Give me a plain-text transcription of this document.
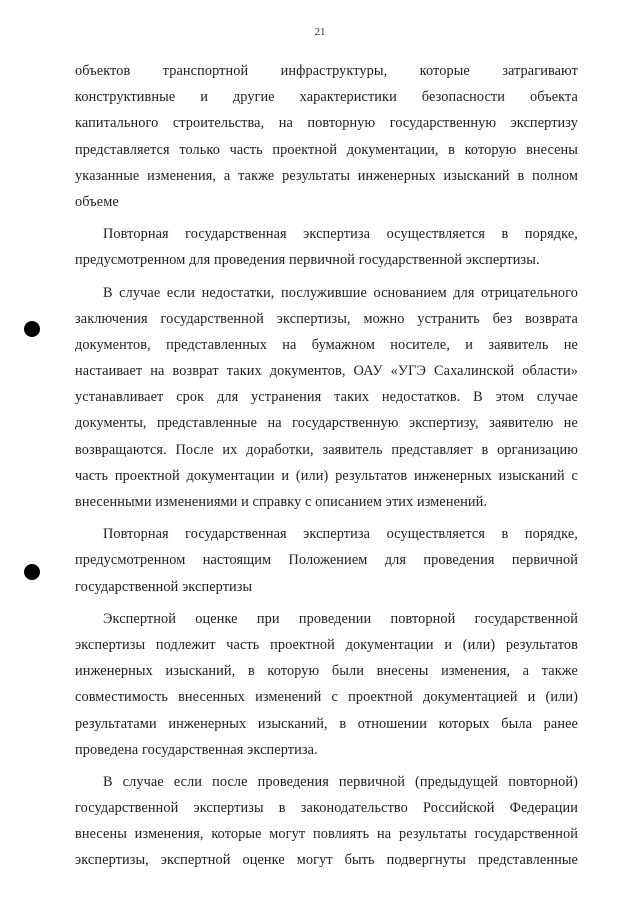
21

объектов транспортной инфраструктуры, которые затрагивают
конструктивные и другие характеристики безопасности объекта
капитального строительства, на повторную государственную экспертизу
представляется только часть проектной документации, в которую внесены
указанные изменения, а также результаты инженерных изысканий в полном
объеме

Повторная государственная экспертиза осуществляется в порядке,
предусмотренном для проведения первичной государственной экспертизы.

В случае если недостатки, послужившие основанием для отрицательного
заключения государственной экспертизы, можно устранить без возврата
документов, представленных на бумажном носителе, и заявитель не
настаивает на возврат таких документов, ОАУ «УГЭ Сахалинской области»
устанавливает срок для устранения таких недостатков. В этом случае
документы, представленные на государственную экспертизу, заявителю не
возвращаются. После их доработки, заявитель представляет в организацию
часть проектной документации и (или) результатов инженерных изысканий с
внесенными изменениями и справку с описанием этих изменений.

Повторная государственная экспертиза осуществляется в порядке,
предусмотренном настоящим Положением для проведения первичной
государственной экспертизы

Экспертной оценке при проведении повторной государственной
экспертизы подлежит часть проектной документации и (или) результатов
инженерных изысканий, в которую были внесены изменения, а также
совместимость внесенных изменений с проектной документацией и (или)
результатами инженерных изысканий, в отношении которых была ранее
проведена государственная экспертиза.

В случае если после проведения первичной (предыдущей повторной)
государственной экспертизы в законодательство Российской Федерации
внесены изменения, которые могут повлиять на результаты государственной
экспертизы, экспертной оценке могут быть подвергнуты представленные
